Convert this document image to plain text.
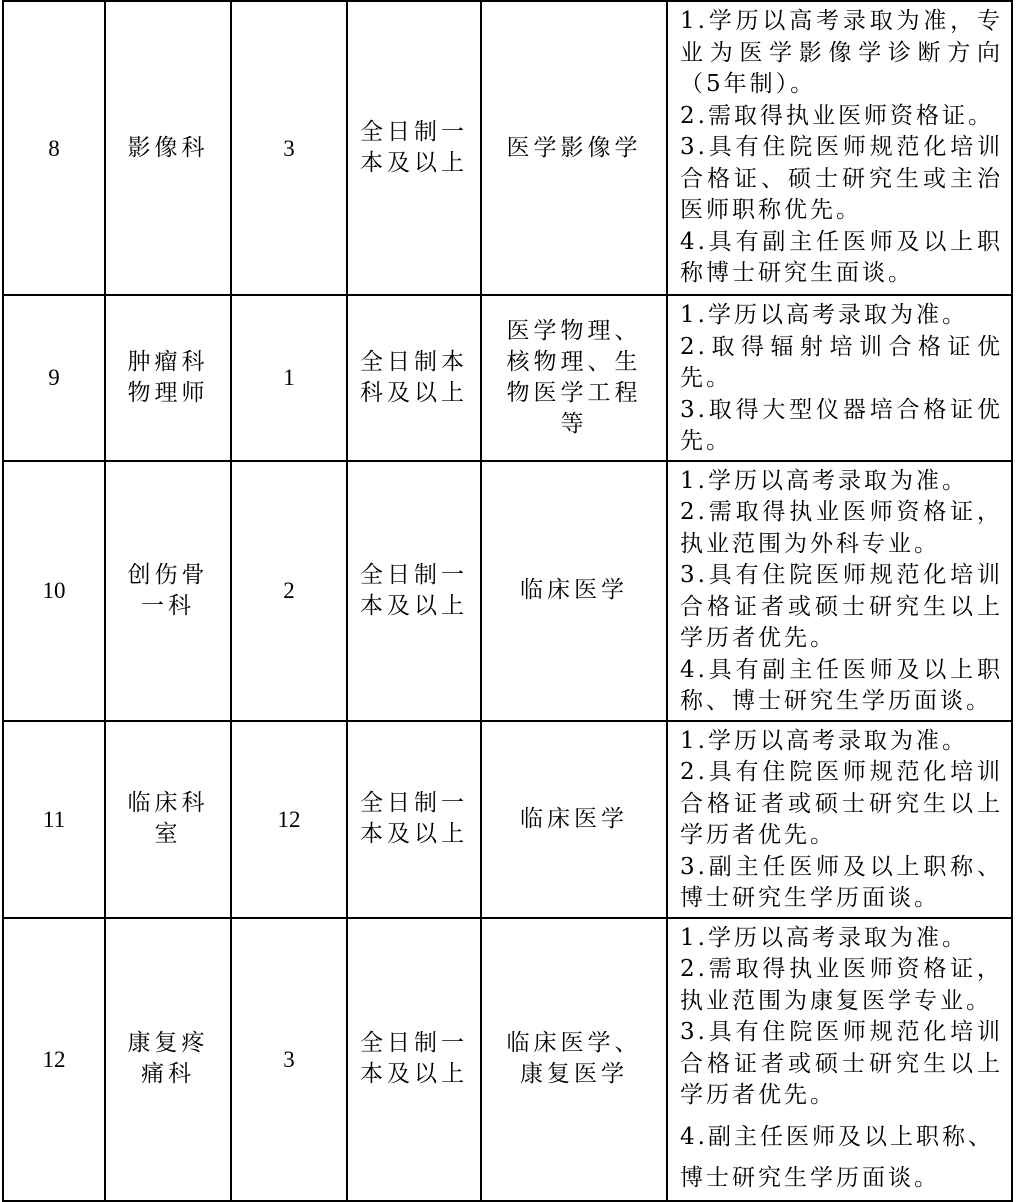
8	影像科	3	全日制一本及以上	医学影像学	1.学历以高考录取为准，专业为医学影像学诊断方向（5年制）。
2.需取得执业医师资格证。
3.具有住院医师规范化培训合格证、硕士研究生或主治医师职称优先。
4.具有副主任医师及以上职称博士研究生面谈。

9	肿瘤科物理师	1	全日制本科及以上	医学物理、核物理、生物医学工程等	1.学历以高考录取为准。
2.取得辐射培训合格证优先。
3.取得大型仪器培合格证优先。

10	创伤骨一科	2	全日制一本及以上	临床医学	1.学历以高考录取为准。
2.需取得执业医师资格证，执业范围为外科专业。
3.具有住院医师规范化培训合格证者或硕士研究生以上学历者优先。
4.具有副主任医师及以上职称、博士研究生学历面谈。

11	临床科室	12	全日制一本及以上	临床医学	1.学历以高考录取为准。
2.具有住院医师规范化培训合格证者或硕士研究生以上学历者优先。
3.副主任医师及以上职称、博士研究生学历面谈。

12	康复疼痛科	3	全日制一本及以上	临床医学、康复医学	1.学历以高考录取为准。
2.需取得执业医师资格证，执业范围为康复医学专业。
3.具有住院医师规范化培训合格证者或硕士研究生以上学历者优先。
4.副主任医师及以上职称、
博士研究生学历面谈。
